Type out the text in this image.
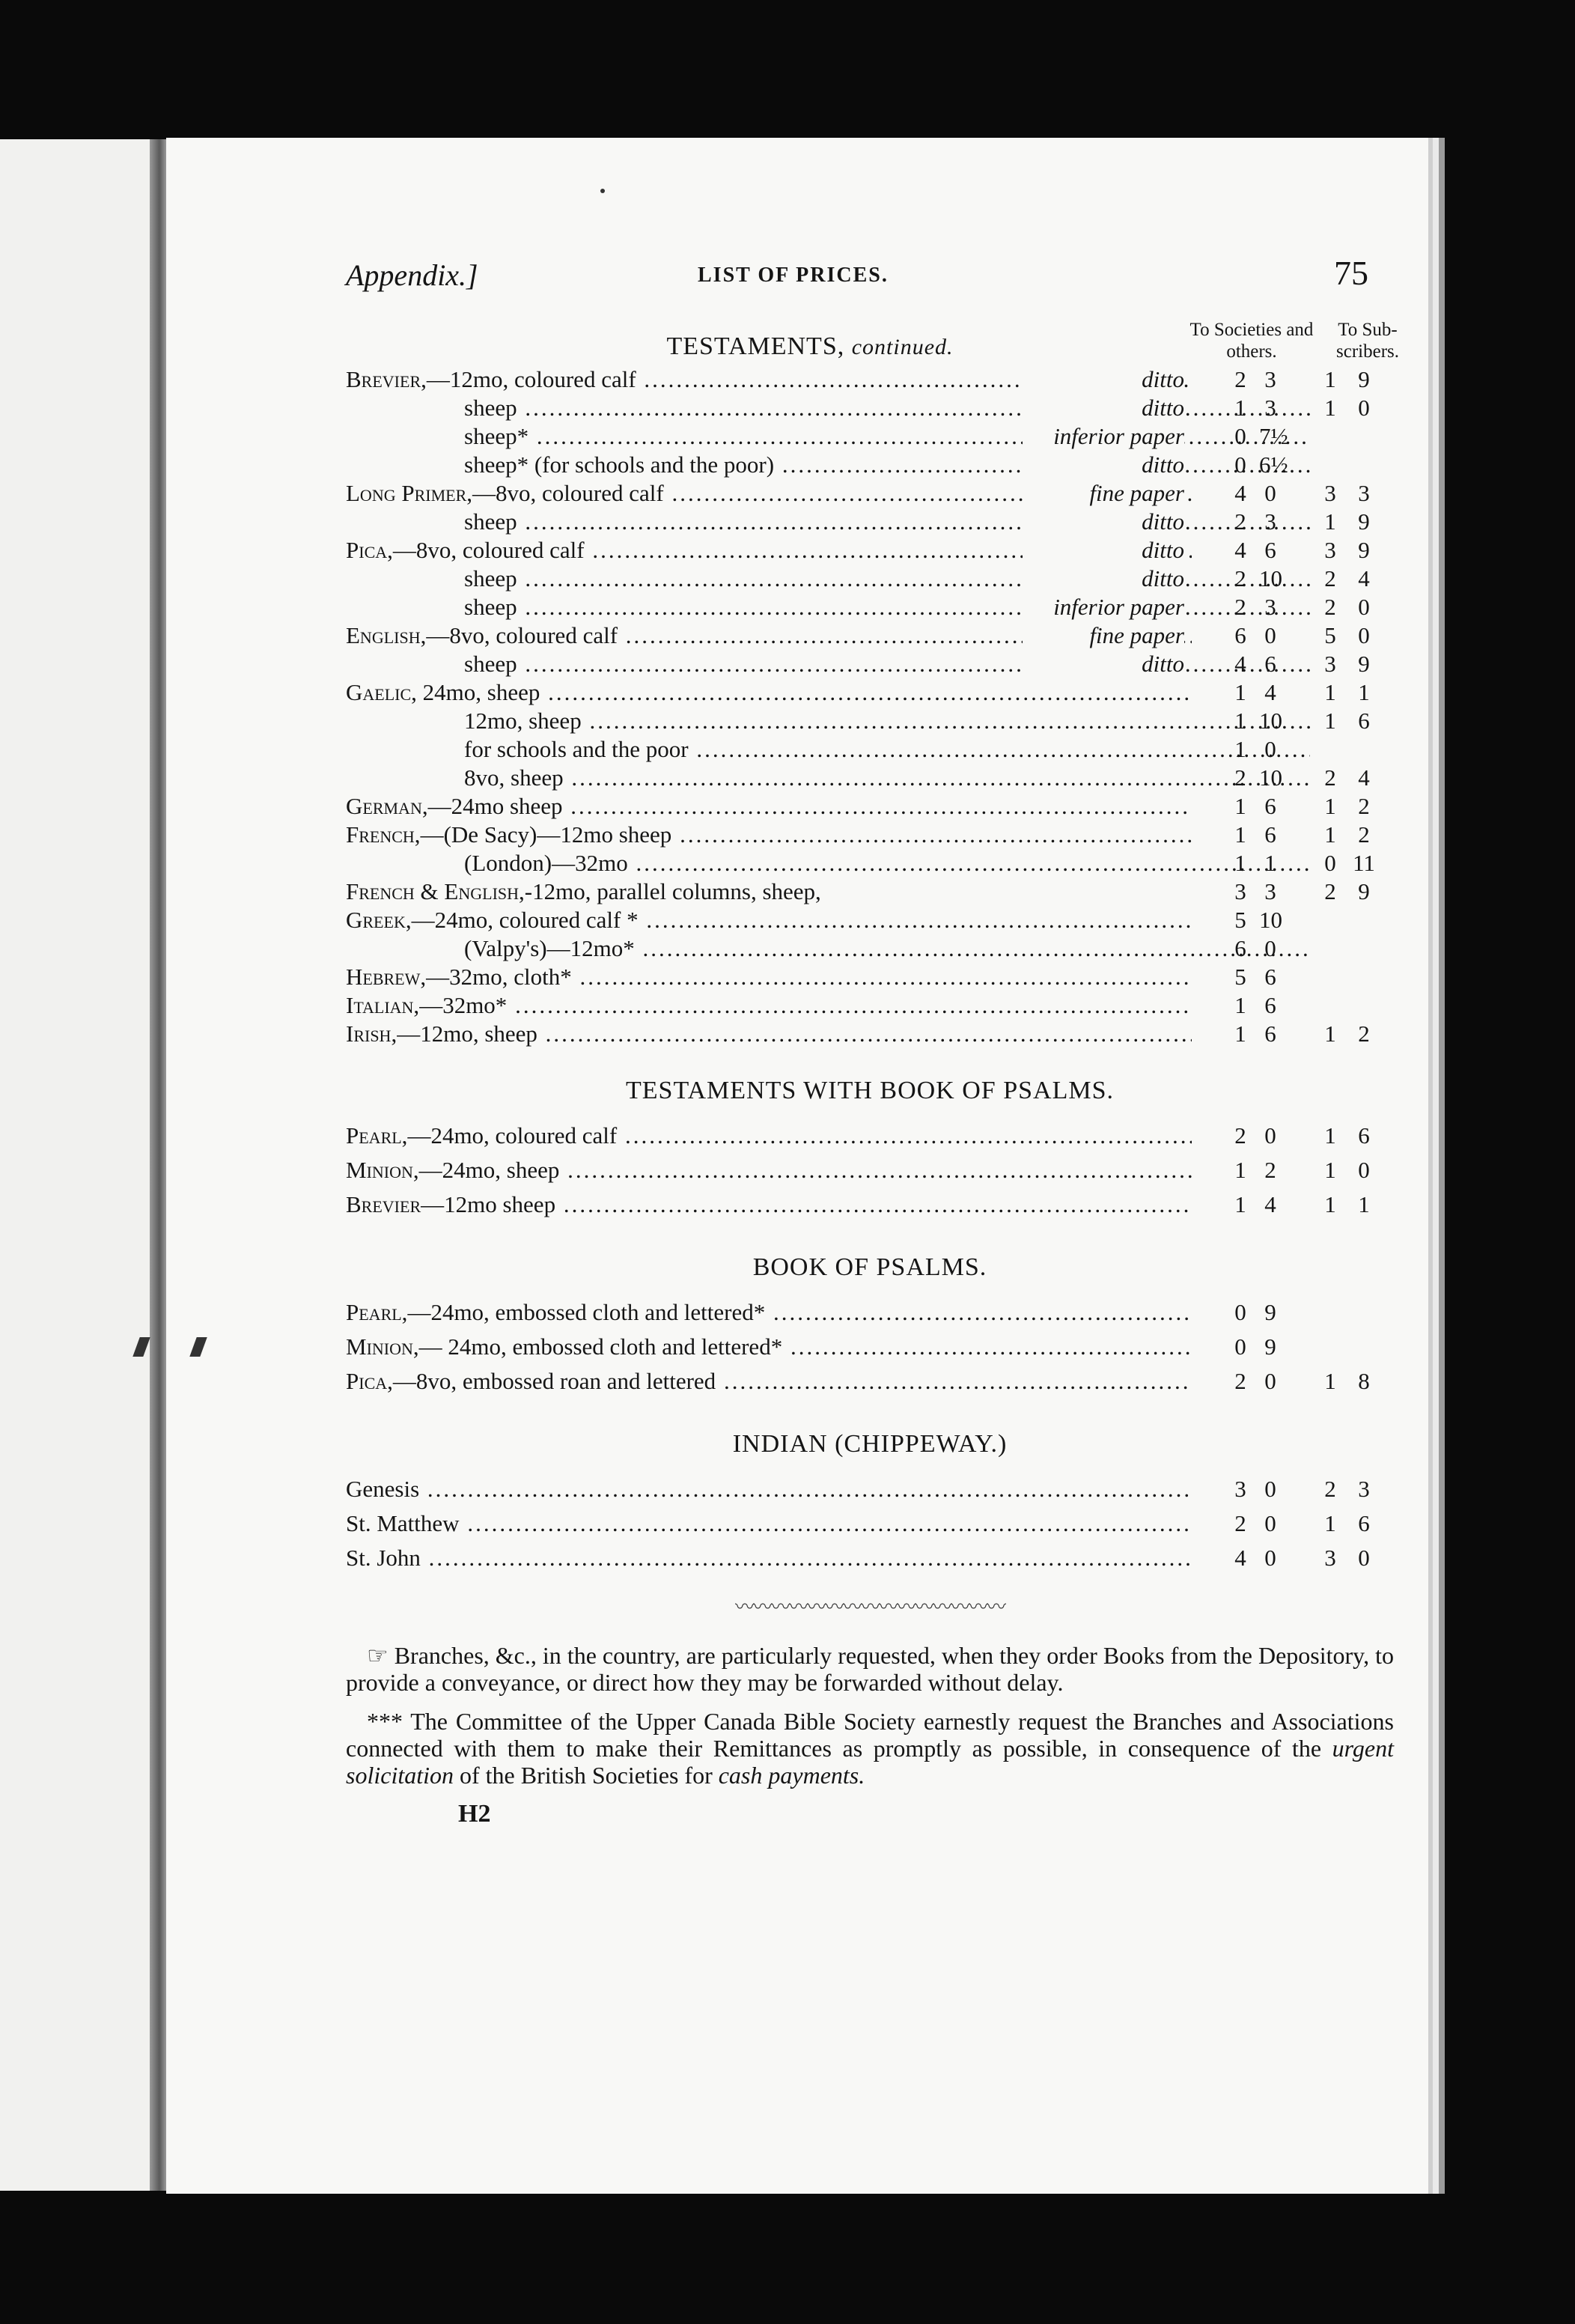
Appendix.]	LIST OF PRICES.	75
To Societies and others.
To Sub- scribers.
TESTAMENTS, continued.
Brevier,—12mo, coloured calf .....	ditto 2 3 1 9
sheep .....	ditto 1 3 1 0
sheep* .....	inferior paper 0 7½
sheep* (for schools and the poor) .....	ditto 0 6½
Long Primer,—8vo, coloured calf .....	fine paper 4 0 3 3
sheep .....	ditto 2 3 1 9
Pica,—8vo, coloured calf .....	ditto 4 6 3 9
sheep .....	ditto 2 10 2 4
sheep .....	inferior paper 2 3 2 0
English,—8vo, coloured calf .....	fine paper 6 0 5 0
sheep .....	ditto 4 6 3 9
Gaelic, 24mo, sheep .....	1 4 1 1
12mo, sheep .....	1 10 1 6
for schools and the poor .....	1 0
8vo, sheep .....	2 10 2 4
German,—24mo sheep .....	1 6 1 2
French,—(De Sacy)—12mo sheep .....	1 6 1 2
(London)—32mo .....	1 1 0 11
French & English,-12mo, parallel columns, sheep,	3 3 2 9
Greek,—24mo, coloured calf * .....	5 10
(Valpy's)—12mo* .....	6 0
Hebrew,—32mo, cloth* .....	5 6
Italian,—32mo* .....	1 6
Irish,—12mo, sheep .....	1 6 1 2
TESTAMENTS WITH BOOK OF PSALMS.
Pearl,—24mo, coloured calf .....	2 0 1 6
Minion,—24mo, sheep .....	1 2 1 0
Brevier—12mo sheep .....	1 4 1 1
BOOK OF PSALMS.
Pearl,—24mo, embossed cloth and lettered* .....	0 9
Minion,— 24mo, embossed cloth and lettered* .....	0 9
Pica,—8vo, embossed roan and lettered .....	2 0 1 8
INDIAN (CHIPPEWAY.)
Genesis .....	3 0 2 3
St. Matthew .....	2 0 1 6
St. John .....	4 0 3 0
〰〰〰〰〰〰〰〰〰〰〰〰〰〰〰

☞ Branches, &c., in the country, are particularly requested, when they order Books from the Depository, to provide a conveyance, or direct how they may be forwarded without delay.

*** The Committee of the Upper Canada Bible Society earnestly request the Branches and Associations connected with them to make their Remittances as promptly as possible, in consequence of the urgent solicitation of the British Societies for cash payments.

H2
